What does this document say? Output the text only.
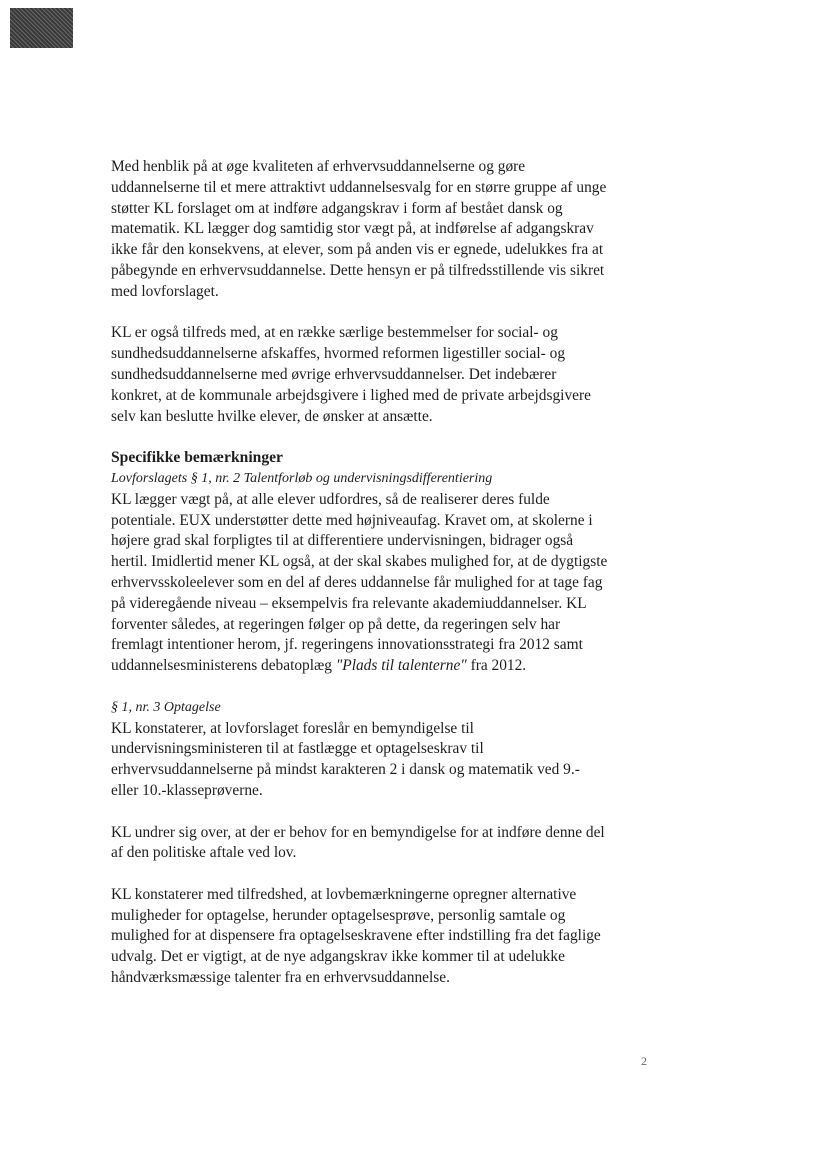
Med henblik på at øge kvaliteten af erhvervsuddannelserne og gøre uddannelserne til et mere attraktivt uddannelsesvalg for en større gruppe af unge støtter KL forslaget om at indføre adgangskrav i form af bestået dansk og matematik. KL lægger dog samtidig stor vægt på, at indførelse af adgangskrav ikke får den konsekvens, at elever, som på anden vis er egnede, udelukkes fra at påbegynde en erhvervsuddannelse. Dette hensyn er på tilfredsstillende vis sikret med lovforslaget.

KL er også tilfreds med, at en række særlige bestemmelser for social- og sundhedsuddannelserne afskaffes, hvormed reformen ligestiller social- og sundhedsuddannelserne med øvrige erhvervsuddannelser. Det indebærer konkret, at de kommunale arbejdsgivere i lighed med de private arbejdsgivere selv kan beslutte hvilke elever, de ønsker at ansætte.

Specifikke bemærkninger

Lovforslagets § 1, nr. 2 Talentforløb og undervisningsdifferentiering

KL lægger vægt på, at alle elever udfordres, så de realiserer deres fulde potentiale. EUX understøtter dette med højniveaufag. Kravet om, at skolerne i højere grad skal forpligtes til at differentiere undervisningen, bidrager også hertil. Imidlertid mener KL også, at der skal skabes mulighed for, at de dygtigste erhvervsskoleelever som en del af deres uddannelse får mulighed for at tage fag på videregående niveau – eksempelvis fra relevante akademiuddannelser. KL forventer således, at regeringen følger op på dette, da regeringen selv har fremlagt intentioner herom, jf. regeringens innovationsstrategi fra 2012 samt uddannelsesministerens debatoplæg "Plads til talenterne" fra 2012.

§ 1, nr. 3 Optagelse

KL konstaterer, at lovforslaget foreslår en bemyndigelse til undervisningsministeren til at fastlægge et optagelseskrav til erhvervsuddannelserne på mindst karakteren 2 i dansk og matematik ved 9.- eller 10.-klasseprøverne.

KL undrer sig over, at der er behov for en bemyndigelse for at indføre denne del af den politiske aftale ved lov.

KL konstaterer med tilfredshed, at lovbemærkningerne opregner alternative muligheder for optagelse, herunder optagelsesprøve, personlig samtale og mulighed for at dispensere fra optagelseskravene efter indstilling fra det faglige udvalg. Det er vigtigt, at de nye adgangskrav ikke kommer til at udelukke håndværksmæssige talenter fra en erhvervsuddannelse.

2
